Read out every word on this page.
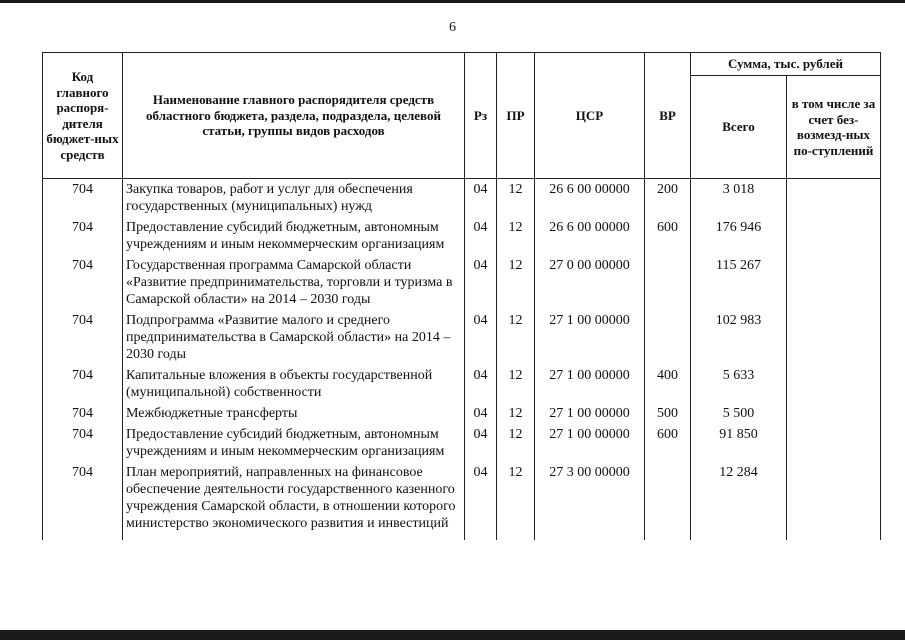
6
Код главного распоря-дителя бюджет-ных средств	Наименование главного распорядителя средств областного бюджета, раздела, подраздела, целевой статьи, группы видов расходов	Рз	ПР	ЦСР	ВР	Сумма, тыс. рублей	
						Всего	в том числе за счет без-возмезд-ных по-ступлений
704	Закупка товаров, работ и услуг для обеспечения государственных (муниципальных) нужд	04	12	26 6 00 00000	200	3 018	
704	Предоставление субсидий бюджетным, автономным учреждениям и иным некоммерческим организациям	04	12	26 6 00 00000	600	176 946	
704	Государственная программа Самарской области «Развитие предпринимательства, торговли и туризма в Самарской области» на 2014 – 2030 годы	04	12	27 0 00 00000		115 267	
704	Подпрограмма «Развитие малого и среднего предпринимательства в Самарской области» на 2014 – 2030 годы	04	12	27 1 00 00000		102 983	
704	Капитальные вложения в объекты государственной (муниципальной) собственности	04	12	27 1 00 00000	400	5 633	
704	Межбюджетные трансферты	04	12	27 1 00 00000	500	5 500	
704	Предоставление субсидий бюджетным, автономным учреждениям и иным некоммерческим организациям	04	12	27 1 00 00000	600	91 850	
704	План мероприятий, направленных на финансовое обеспечение деятельности государственного казенного учреждения Самарской области, в отношении которого министерство экономического развития и инвестиций	04	12	27 3 00 00000		12 284	
